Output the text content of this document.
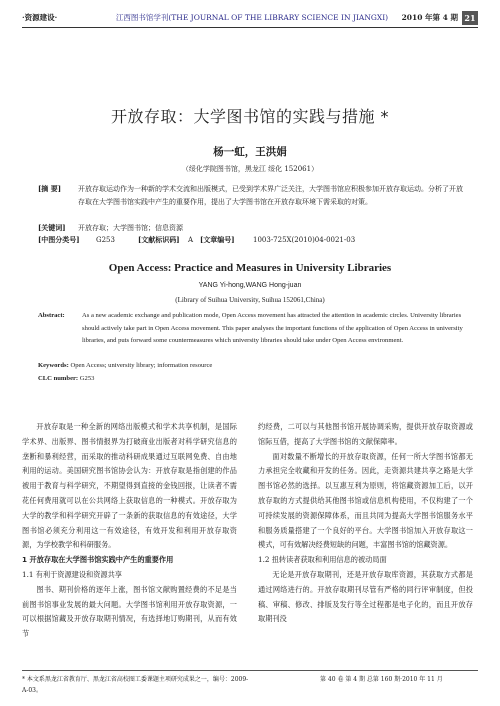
·资源建设·	江西图书馆学刊(THE JOURNAL OF THE LIBRARY SCIENCE IN JIANGXI)	2010 年第 4 期 21
开放存取：大学图书馆的实践与措施 *
杨一虹，王洪娟
（绥化学院图书馆，黑龙江 绥化 152061）
[摘 要]	开放存取运动作为一种新的学术交流和出版模式，已受到学术界广泛关注，大学图书馆应积极参加开放存取运动。分析了开放存取在大学图书馆实践中产生的重要作用，提出了大学图书馆在开放存取环境下需采取的对策。
[关键词] 开放存取；大学图书馆；信息资源
[中图分类号] G253	[文献标识码] A [文章编号]	1003-725X(2010)04-0021-03
Open Access: Practice and Measures in University Libraries
YANG Yi-hong,WANG Hong-juan
(Library of Suihua University, Suihua 152061,China)
Abstract:	As a new academic exchange and publication mode, Open Access movement has attracted the attention in academic circles. University libraries should actively take part in Open Access movement. This paper analyses the important functions of the application of Open Access in university libraries, and puts forward some countermeasures which university libraries should take under Open Access environment.
Keywords: Open Access; university library; information resource
CLC number: G253

开放存取是一种全新的网络出版模式和学术共享机制，是国际学术界、出版界、图书情报界为打破商业出版者对科学研究信息的垄断和暴利经营，而采取的推动科研成果通过互联网免费、自由地利用的运动。美国研究图书馆协会认为：开放存取是指创建的作品被用于教育与科学研究，不期望得到直接的金钱回报，让读者不需花任何费用就可以在公共网络上获取信息的一种模式。开放存取为大学的教学和科学研究开辟了一条新的获取信息的有效途径，大学图书馆必须充分利用这一有效途径，有效开发和利用开放存取资源，为学校教学和科研服务。

1 开放存取在大学图书馆实践中产生的重要作用

1.1 有利于资源建设和资源共享

图书、期刊价格的逐年上涨，图书馆文献购置经费的不足是当前图书馆事业发展的最大问题。大学图书馆利用开放存取资源，一可以根据馆藏及开放存取期刊情况，有选择地订购期刊，从而有效节

约经费，二可以与其他图书馆开展协调采购，提供开放存取资源或馆际互借，提高了大学图书馆的文献保障率。

面对数量不断增长的开放存取资源，任何一所大学图书馆都无力承担完全收藏和开发的任务。因此，走资源共建共享之路是大学图书馆必然的选择。以互惠互利为原则，将馆藏资源加工后，以开放存取的方式提供给其他图书馆或信息机构使用，不仅构建了一个可持续发展的资源保障体系，而且共同为提高大学图书馆服务水平和服务质量搭建了一个良好的平台。大学图书馆加入开放存取这一模式，可有效解决经费短缺的问题，丰富图书馆的馆藏资源。

1.2 扭转读者获取和利用信息的被动局面

无论是开放存取期刊，还是开放存取库资源，其获取方式都是通过网络进行的。开放存取期刊尽管有严格的同行评审制度，但投稿、审稿、修改、排版及发行等全过程都是电子化的，而且开放存取期刊没

* 本文系黑龙江省教育厅、黑龙江省高校图工委课题主项研究成果之一，编号：2009-A-03。
第 40 卷 第 4 期 总第 160 期·2010 年 11 月
